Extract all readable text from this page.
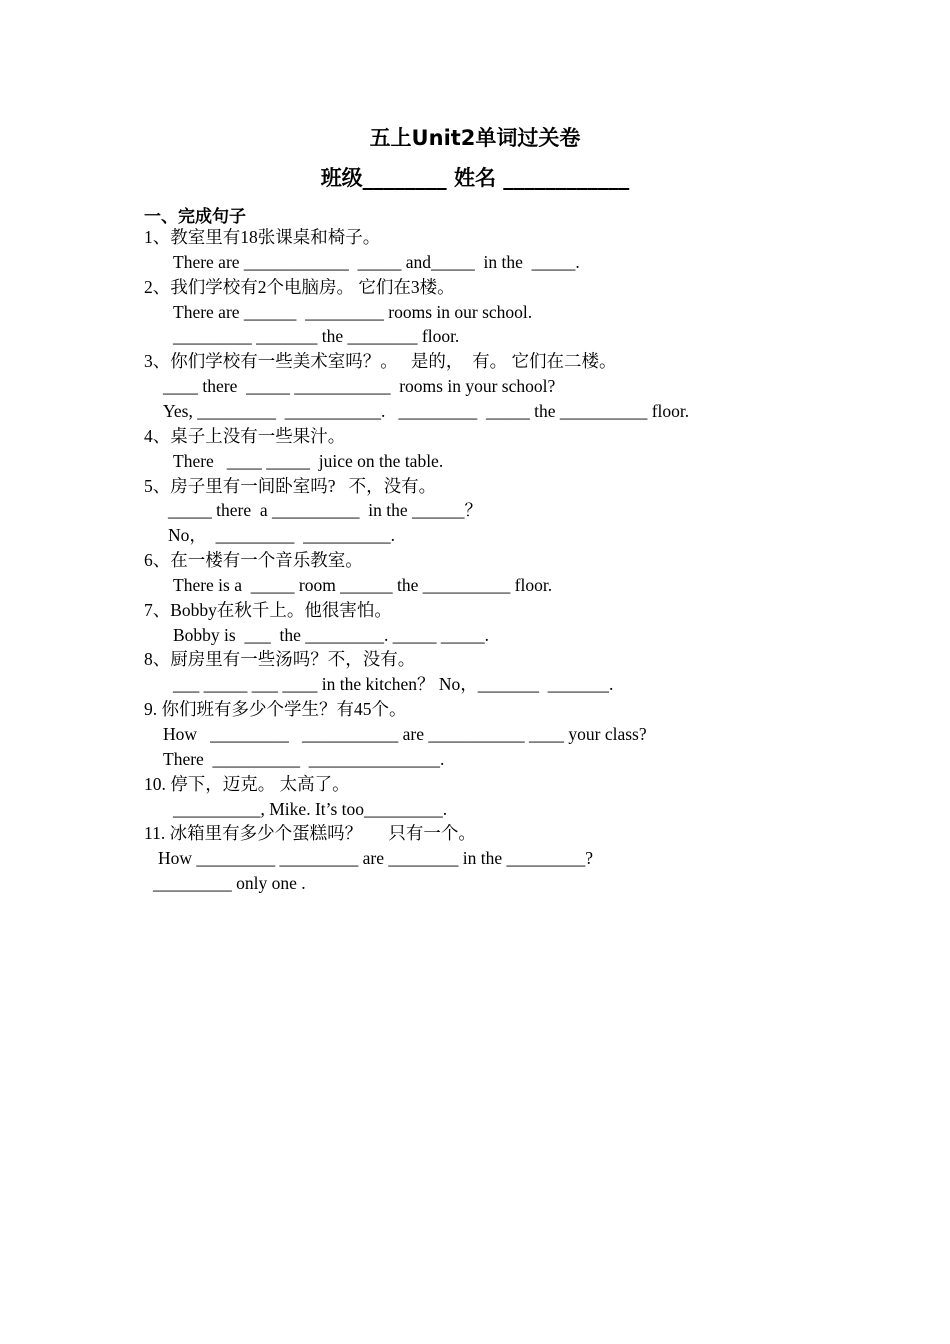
五上Unit2单词过关卷
班级________ 姓名 ____________
一、完成句子
1、教室里有18张课桌和椅子。
There are ____________  _____ and_____  in the  _____.
2、我们学校有2个电脑房。 它们在3楼。
There are ______  _________ rooms in our school.
_________ _______ the ________ floor.
3、你们学校有一些美术室吗？。   是的，  有。 它们在二楼。
____ there  _____ ___________  rooms in your school?
Yes, _________  ___________.   _________  _____ the __________ floor.
4、桌子上没有一些果汁。
There   ____ _____  juice on the table.
5、房子里有一间卧室吗?   不，没有。
_____ there  a __________  in the ______？
No，  _________  __________.
6、在一楼有一个音乐教室。
There is a  _____ room ______ the __________ floor.
7、Bobby在秋千上。他很害怕。
Bobby is  ___  the _________. _____ _____.
8、厨房里有一些汤吗？不，没有。
___ _____ ___ ____ in the kitchen？ No，_______  _______.
9. 你们班有多少个学生？有45个。
How   _________   ___________ are ___________ ____ your class?
There  __________  _______________.
10. 停下，迈克。 太高了。
__________, Mike. It’s too_________.
11. 冰箱里有多少个蛋糕吗？      只有一个。
How _________ _________ are ________ in the _________?
_________ only one .
